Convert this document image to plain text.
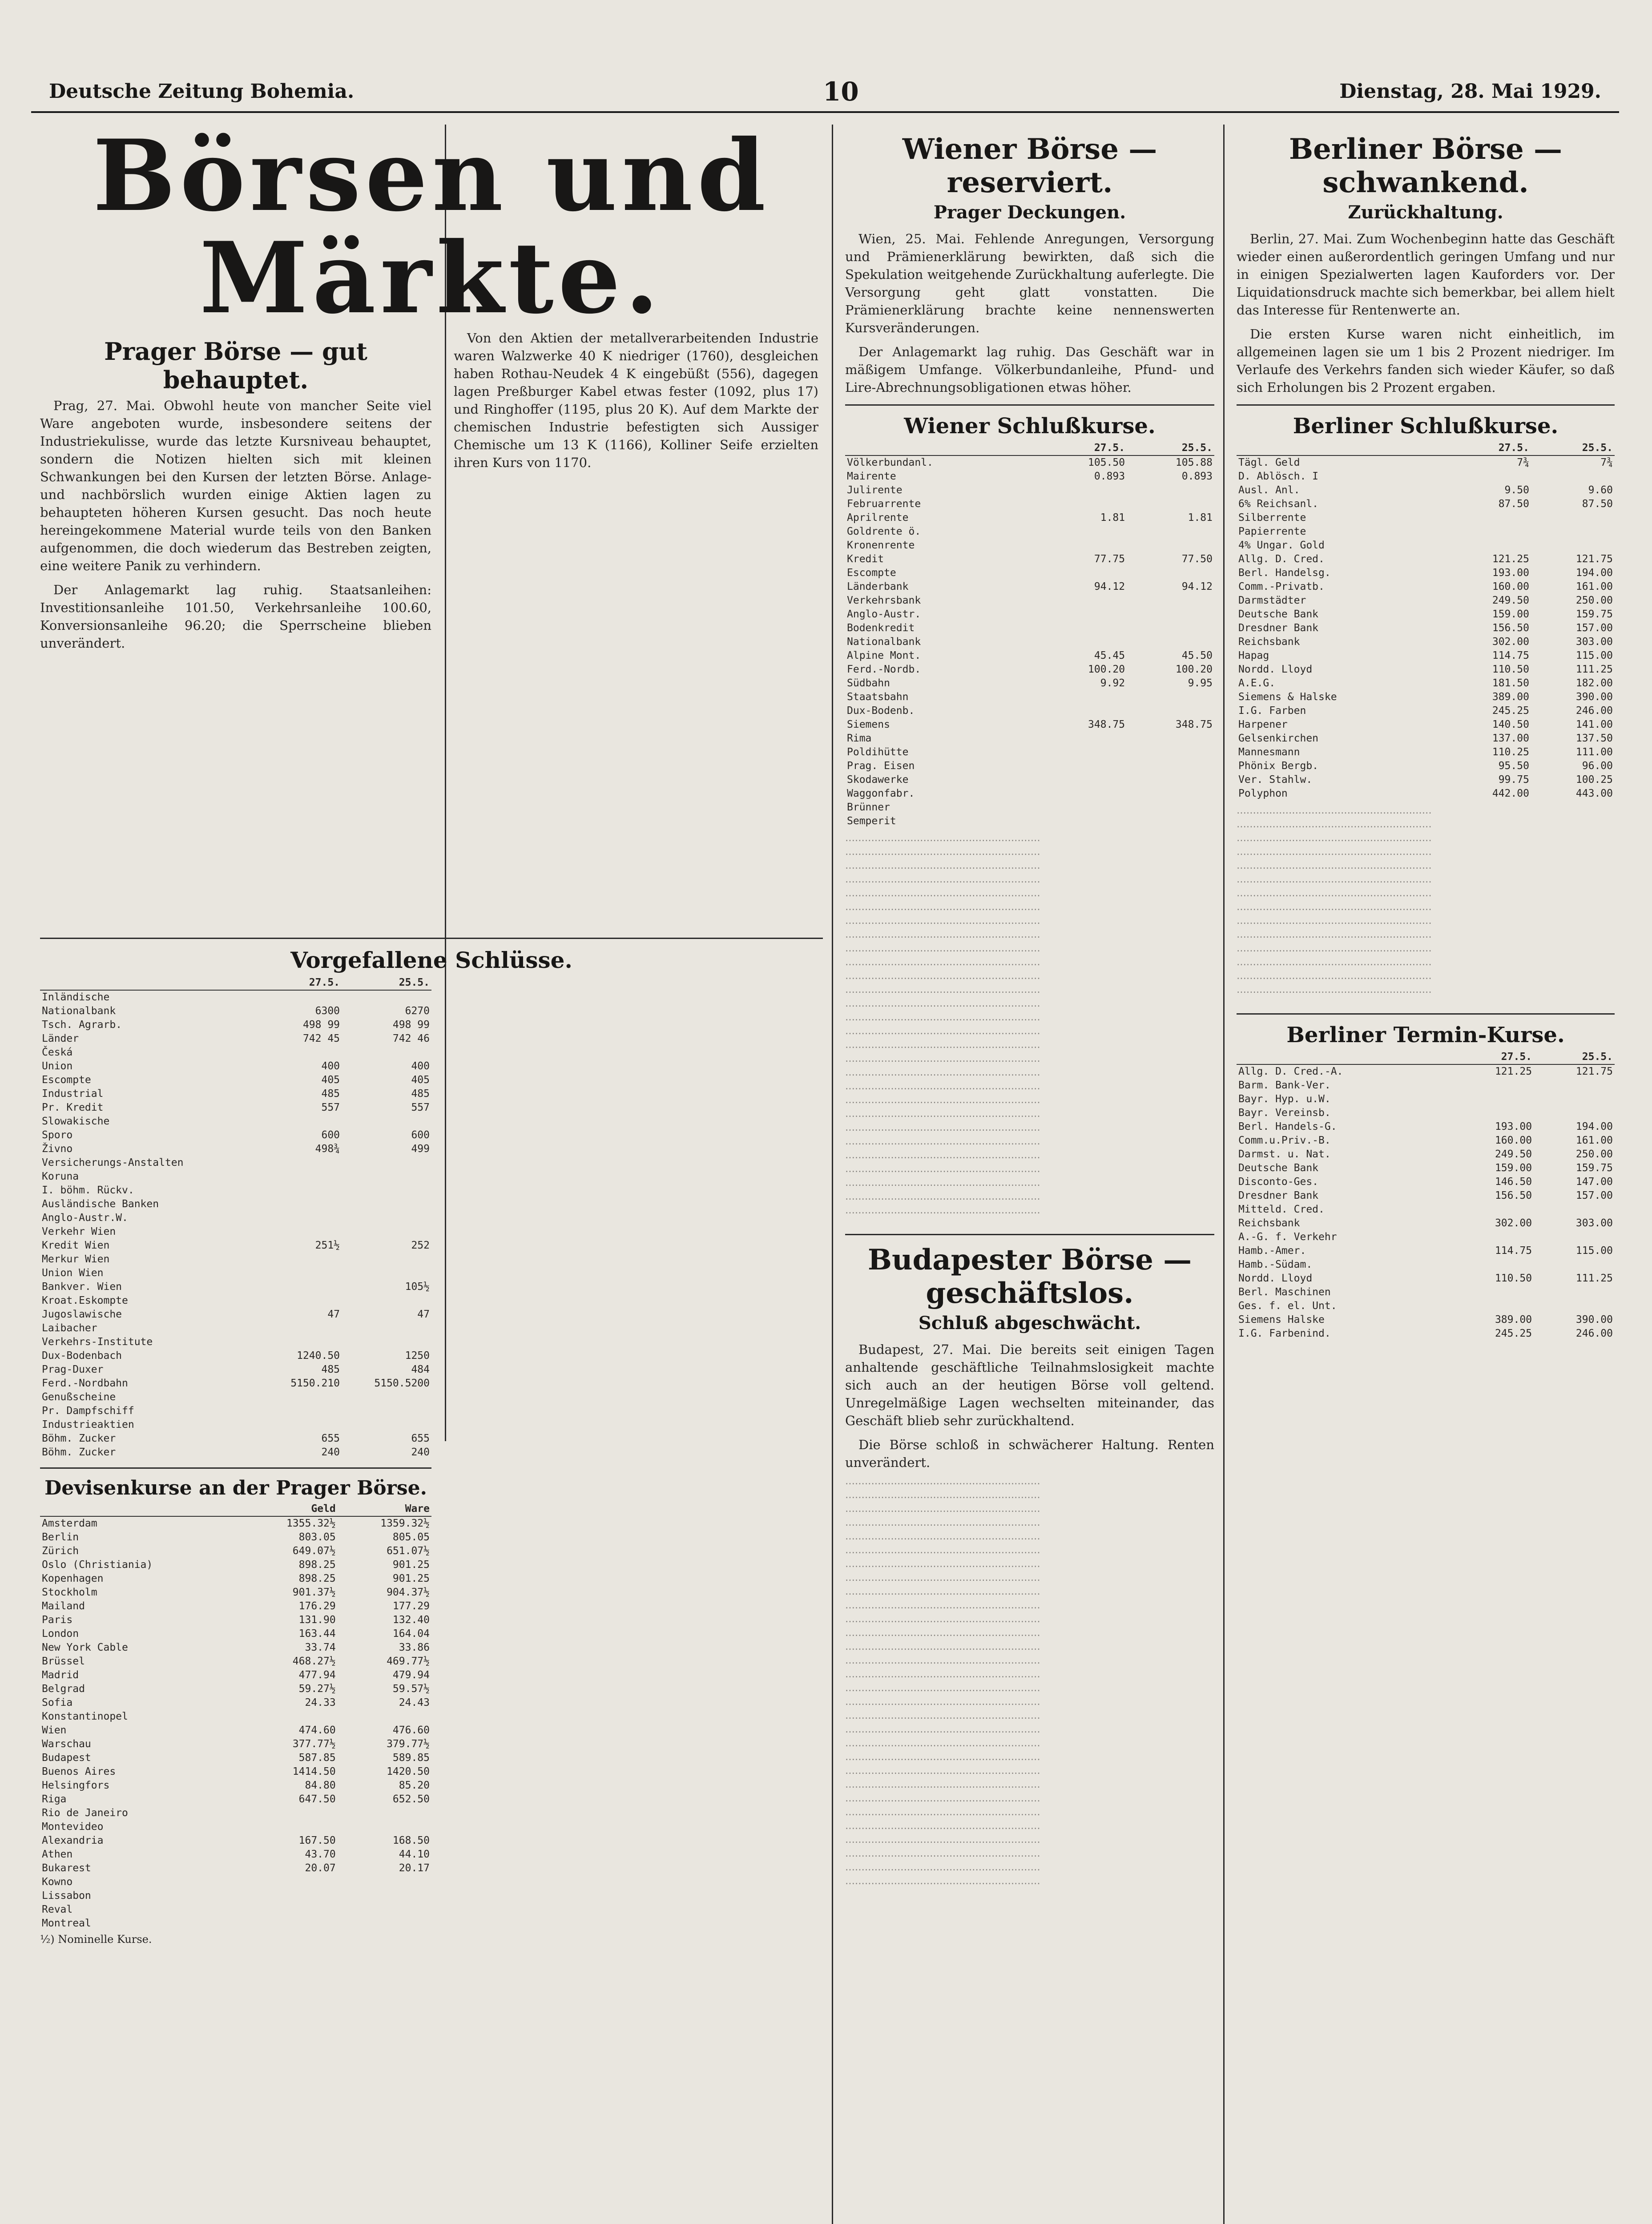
Deutsche Zeitung Bohemia.	10	Dienstag, 28. Mai 1929.
Börsen und Märkte.
Prager Börse — gut behauptet.

Prag, 27. Mai. Obwohl heute von mancher Seite viel Ware angeboten wurde, insbesondere seitens der Industriekulisse, wurde das letzte Kursniveau behauptet, sondern die Notizen hielten sich mit kleinen Schwankungen bei den Kursen der letzten Börse. Anlage- und nachbörslich wurden einige Aktien lagen zu behaupteten höheren Kursen gesucht. Das noch heute hereingekommene Material wurde teils von den Banken aufgenommen, die doch wiederum das Bestreben zeigten, eine weitere Panik zu verhindern.

Der Anlagemarkt lag ruhig. Staatsanleihen: Investitionsanleihe 101.50, Verkehrsanleihe 100.60, Konversionsanleihe 96.20; die Sperrscheine blieben unverändert.

Von den Aktien der metallverarbeitenden Industrie waren Walzwerke 40 K niedriger (1760), desgleichen haben Rothau-Neudek 4 K eingebüßt (556), dagegen lagen Preßburger Kabel etwas fester (1092, plus 17) und Ringhoffer (1195, plus 20 K). Auf dem Markte der chemischen Industrie befestigten sich Aussiger Chemische um 13 K (1166), Kolliner Seife erzielten ihren Kurs von 1170.

Vorgefallene Schlüsse.
	27.5.	25.5.
Inländische		
Nationalbank	6300	6270
Tsch. Agrarb.	498 99	498 99
Länder	742 45	742 46
Česká		
Union	400	400
Escompte	405	405
Industrial	485	485
Pr. Kredit	557	557
Slowakische		
Sporo	600	600
Živno	498¾	499
Versicherungs-Anstalten		
Koruna		
I. böhm. Rückv.		
Ausländische Banken		
Anglo-Austr.W.		
Verkehr Wien		
Kredit Wien	251½	252
Merkur Wien		
Union Wien		
Bankver. Wien		105½
Kroat.Eskompte		
Jugoslawische	47	47
Laibacher		
Verkehrs-Institute		
Dux-Bodenbach	1240.50	1250
Prag-Duxer	485	484
Ferd.-Nordbahn	5150.210	5150.5200
Genußscheine		
Pr. Dampfschiff		
Industrieaktien		
Böhm. Zucker	655	655
Böhm. Zucker	240	240
Devisenkurse an der Prager Börse.
	Geld	Ware
Amsterdam	1355.32½	1359.32½
Berlin	803.05	805.05
Zürich	649.07½	651.07½
Oslo (Christiania)	898.25	901.25
Kopenhagen	898.25	901.25
Stockholm	901.37½	904.37½
Mailand	176.29	177.29
Paris	131.90	132.40
London	163.44	164.04
New York Cable	33.74	33.86
Brüssel	468.27½	469.77½
Madrid	477.94	479.94
Belgrad	59.27½	59.57½
Sofia	24.33	24.43
Konstantinopel		
Wien	474.60	476.60
Warschau	377.77½	379.77½
Budapest	587.85	589.85
Buenos Aires	1414.50	1420.50
Helsingfors	84.80	85.20
Riga	647.50	652.50
Rio de Janeiro		
Montevideo		
Alexandria	167.50	168.50
Athen	43.70	44.10
Bukarest	20.07	20.17
Kowno		
Lissabon		
Reval		
Montreal		
½) Nominelle Kurse.
Wiener Börse — reserviert.
Prager Deckungen.

Wien, 25. Mai. Fehlende Anregungen, Versorgung und Prämienerklärung bewirkten, daß sich die Spekulation weitgehende Zurückhaltung auferlegte. Die Versorgung geht glatt vonstatten. Die Prämienerklärung brachte keine nennenswerten Kursveränderungen.

Der Anlagemarkt lag ruhig. Das Geschäft war in mäßigem Umfange. Völkerbundanleihe, Pfund- und Lire-Abrechnungsobligationen etwas höher.

Wiener Schlußkurse.
	27.5.	25.5.
Völkerbundanl.	105.50	105.88
Mairente	0.893	0.893
Julirente		
Februarrente		
Aprilrente	1.81	1.81
Goldrente ö.		
Kronenrente		
Kredit	77.75	77.50
Escompte		
Länderbank	94.12	94.12
Verkehrsbank		
Anglo-Austr.		
Bodenkredit		
Nationalbank		
Alpine Mont.	45.45	45.50
Ferd.-Nordb.	100.20	100.20
Südbahn	9.92	9.95
Staatsbahn		
Dux-Bodenb.		
Siemens	348.75	348.75
Rima		
Poldihütte		
Prag. Eisen		
Skodawerke		
Waggonfabr.		
Brünner		
Semperit		
‧‧‧‧‧‧‧‧‧‧‧‧‧‧‧‧‧‧‧‧‧‧‧‧‧‧‧‧‧‧‧‧‧‧‧‧‧‧‧‧‧‧‧‧‧‧‧‧‧‧‧‧‧‧‧‧‧‧‧‧
‧‧‧‧‧‧‧‧‧‧‧‧‧‧‧‧‧‧‧‧‧‧‧‧‧‧‧‧‧‧‧‧‧‧‧‧‧‧‧‧‧‧‧‧‧‧‧‧‧‧‧‧‧‧‧‧‧‧‧‧
‧‧‧‧‧‧‧‧‧‧‧‧‧‧‧‧‧‧‧‧‧‧‧‧‧‧‧‧‧‧‧‧‧‧‧‧‧‧‧‧‧‧‧‧‧‧‧‧‧‧‧‧‧‧‧‧‧‧‧‧
‧‧‧‧‧‧‧‧‧‧‧‧‧‧‧‧‧‧‧‧‧‧‧‧‧‧‧‧‧‧‧‧‧‧‧‧‧‧‧‧‧‧‧‧‧‧‧‧‧‧‧‧‧‧‧‧‧‧‧‧
‧‧‧‧‧‧‧‧‧‧‧‧‧‧‧‧‧‧‧‧‧‧‧‧‧‧‧‧‧‧‧‧‧‧‧‧‧‧‧‧‧‧‧‧‧‧‧‧‧‧‧‧‧‧‧‧‧‧‧‧
‧‧‧‧‧‧‧‧‧‧‧‧‧‧‧‧‧‧‧‧‧‧‧‧‧‧‧‧‧‧‧‧‧‧‧‧‧‧‧‧‧‧‧‧‧‧‧‧‧‧‧‧‧‧‧‧‧‧‧‧
‧‧‧‧‧‧‧‧‧‧‧‧‧‧‧‧‧‧‧‧‧‧‧‧‧‧‧‧‧‧‧‧‧‧‧‧‧‧‧‧‧‧‧‧‧‧‧‧‧‧‧‧‧‧‧‧‧‧‧‧
‧‧‧‧‧‧‧‧‧‧‧‧‧‧‧‧‧‧‧‧‧‧‧‧‧‧‧‧‧‧‧‧‧‧‧‧‧‧‧‧‧‧‧‧‧‧‧‧‧‧‧‧‧‧‧‧‧‧‧‧
‧‧‧‧‧‧‧‧‧‧‧‧‧‧‧‧‧‧‧‧‧‧‧‧‧‧‧‧‧‧‧‧‧‧‧‧‧‧‧‧‧‧‧‧‧‧‧‧‧‧‧‧‧‧‧‧‧‧‧‧
‧‧‧‧‧‧‧‧‧‧‧‧‧‧‧‧‧‧‧‧‧‧‧‧‧‧‧‧‧‧‧‧‧‧‧‧‧‧‧‧‧‧‧‧‧‧‧‧‧‧‧‧‧‧‧‧‧‧‧‧
‧‧‧‧‧‧‧‧‧‧‧‧‧‧‧‧‧‧‧‧‧‧‧‧‧‧‧‧‧‧‧‧‧‧‧‧‧‧‧‧‧‧‧‧‧‧‧‧‧‧‧‧‧‧‧‧‧‧‧‧
‧‧‧‧‧‧‧‧‧‧‧‧‧‧‧‧‧‧‧‧‧‧‧‧‧‧‧‧‧‧‧‧‧‧‧‧‧‧‧‧‧‧‧‧‧‧‧‧‧‧‧‧‧‧‧‧‧‧‧‧
‧‧‧‧‧‧‧‧‧‧‧‧‧‧‧‧‧‧‧‧‧‧‧‧‧‧‧‧‧‧‧‧‧‧‧‧‧‧‧‧‧‧‧‧‧‧‧‧‧‧‧‧‧‧‧‧‧‧‧‧
‧‧‧‧‧‧‧‧‧‧‧‧‧‧‧‧‧‧‧‧‧‧‧‧‧‧‧‧‧‧‧‧‧‧‧‧‧‧‧‧‧‧‧‧‧‧‧‧‧‧‧‧‧‧‧‧‧‧‧‧
‧‧‧‧‧‧‧‧‧‧‧‧‧‧‧‧‧‧‧‧‧‧‧‧‧‧‧‧‧‧‧‧‧‧‧‧‧‧‧‧‧‧‧‧‧‧‧‧‧‧‧‧‧‧‧‧‧‧‧‧
‧‧‧‧‧‧‧‧‧‧‧‧‧‧‧‧‧‧‧‧‧‧‧‧‧‧‧‧‧‧‧‧‧‧‧‧‧‧‧‧‧‧‧‧‧‧‧‧‧‧‧‧‧‧‧‧‧‧‧‧
‧‧‧‧‧‧‧‧‧‧‧‧‧‧‧‧‧‧‧‧‧‧‧‧‧‧‧‧‧‧‧‧‧‧‧‧‧‧‧‧‧‧‧‧‧‧‧‧‧‧‧‧‧‧‧‧‧‧‧‧
‧‧‧‧‧‧‧‧‧‧‧‧‧‧‧‧‧‧‧‧‧‧‧‧‧‧‧‧‧‧‧‧‧‧‧‧‧‧‧‧‧‧‧‧‧‧‧‧‧‧‧‧‧‧‧‧‧‧‧‧
‧‧‧‧‧‧‧‧‧‧‧‧‧‧‧‧‧‧‧‧‧‧‧‧‧‧‧‧‧‧‧‧‧‧‧‧‧‧‧‧‧‧‧‧‧‧‧‧‧‧‧‧‧‧‧‧‧‧‧‧
‧‧‧‧‧‧‧‧‧‧‧‧‧‧‧‧‧‧‧‧‧‧‧‧‧‧‧‧‧‧‧‧‧‧‧‧‧‧‧‧‧‧‧‧‧‧‧‧‧‧‧‧‧‧‧‧‧‧‧‧
‧‧‧‧‧‧‧‧‧‧‧‧‧‧‧‧‧‧‧‧‧‧‧‧‧‧‧‧‧‧‧‧‧‧‧‧‧‧‧‧‧‧‧‧‧‧‧‧‧‧‧‧‧‧‧‧‧‧‧‧
‧‧‧‧‧‧‧‧‧‧‧‧‧‧‧‧‧‧‧‧‧‧‧‧‧‧‧‧‧‧‧‧‧‧‧‧‧‧‧‧‧‧‧‧‧‧‧‧‧‧‧‧‧‧‧‧‧‧‧‧
‧‧‧‧‧‧‧‧‧‧‧‧‧‧‧‧‧‧‧‧‧‧‧‧‧‧‧‧‧‧‧‧‧‧‧‧‧‧‧‧‧‧‧‧‧‧‧‧‧‧‧‧‧‧‧‧‧‧‧‧
‧‧‧‧‧‧‧‧‧‧‧‧‧‧‧‧‧‧‧‧‧‧‧‧‧‧‧‧‧‧‧‧‧‧‧‧‧‧‧‧‧‧‧‧‧‧‧‧‧‧‧‧‧‧‧‧‧‧‧‧
‧‧‧‧‧‧‧‧‧‧‧‧‧‧‧‧‧‧‧‧‧‧‧‧‧‧‧‧‧‧‧‧‧‧‧‧‧‧‧‧‧‧‧‧‧‧‧‧‧‧‧‧‧‧‧‧‧‧‧‧
‧‧‧‧‧‧‧‧‧‧‧‧‧‧‧‧‧‧‧‧‧‧‧‧‧‧‧‧‧‧‧‧‧‧‧‧‧‧‧‧‧‧‧‧‧‧‧‧‧‧‧‧‧‧‧‧‧‧‧‧
‧‧‧‧‧‧‧‧‧‧‧‧‧‧‧‧‧‧‧‧‧‧‧‧‧‧‧‧‧‧‧‧‧‧‧‧‧‧‧‧‧‧‧‧‧‧‧‧‧‧‧‧‧‧‧‧‧‧‧‧
‧‧‧‧‧‧‧‧‧‧‧‧‧‧‧‧‧‧‧‧‧‧‧‧‧‧‧‧‧‧‧‧‧‧‧‧‧‧‧‧‧‧‧‧‧‧‧‧‧‧‧‧‧‧‧‧‧‧‧‧
Budapester Börse — geschäftslos.
Schluß abgeschwächt.

Budapest, 27. Mai. Die bereits seit einigen Tagen anhaltende geschäftliche Teilnahmslosigkeit machte sich auch an der heutigen Börse voll geltend. Unregelmäßige Lagen wechselten miteinander, das Geschäft blieb sehr zurückhaltend.

Die Börse schloß in schwächerer Haltung. Renten unverändert.

‧‧‧‧‧‧‧‧‧‧‧‧‧‧‧‧‧‧‧‧‧‧‧‧‧‧‧‧‧‧‧‧‧‧‧‧‧‧‧‧‧‧‧‧‧‧‧‧‧‧‧‧‧‧‧‧‧‧‧‧
‧‧‧‧‧‧‧‧‧‧‧‧‧‧‧‧‧‧‧‧‧‧‧‧‧‧‧‧‧‧‧‧‧‧‧‧‧‧‧‧‧‧‧‧‧‧‧‧‧‧‧‧‧‧‧‧‧‧‧‧
‧‧‧‧‧‧‧‧‧‧‧‧‧‧‧‧‧‧‧‧‧‧‧‧‧‧‧‧‧‧‧‧‧‧‧‧‧‧‧‧‧‧‧‧‧‧‧‧‧‧‧‧‧‧‧‧‧‧‧‧
‧‧‧‧‧‧‧‧‧‧‧‧‧‧‧‧‧‧‧‧‧‧‧‧‧‧‧‧‧‧‧‧‧‧‧‧‧‧‧‧‧‧‧‧‧‧‧‧‧‧‧‧‧‧‧‧‧‧‧‧
‧‧‧‧‧‧‧‧‧‧‧‧‧‧‧‧‧‧‧‧‧‧‧‧‧‧‧‧‧‧‧‧‧‧‧‧‧‧‧‧‧‧‧‧‧‧‧‧‧‧‧‧‧‧‧‧‧‧‧‧
‧‧‧‧‧‧‧‧‧‧‧‧‧‧‧‧‧‧‧‧‧‧‧‧‧‧‧‧‧‧‧‧‧‧‧‧‧‧‧‧‧‧‧‧‧‧‧‧‧‧‧‧‧‧‧‧‧‧‧‧
‧‧‧‧‧‧‧‧‧‧‧‧‧‧‧‧‧‧‧‧‧‧‧‧‧‧‧‧‧‧‧‧‧‧‧‧‧‧‧‧‧‧‧‧‧‧‧‧‧‧‧‧‧‧‧‧‧‧‧‧
‧‧‧‧‧‧‧‧‧‧‧‧‧‧‧‧‧‧‧‧‧‧‧‧‧‧‧‧‧‧‧‧‧‧‧‧‧‧‧‧‧‧‧‧‧‧‧‧‧‧‧‧‧‧‧‧‧‧‧‧
‧‧‧‧‧‧‧‧‧‧‧‧‧‧‧‧‧‧‧‧‧‧‧‧‧‧‧‧‧‧‧‧‧‧‧‧‧‧‧‧‧‧‧‧‧‧‧‧‧‧‧‧‧‧‧‧‧‧‧‧
‧‧‧‧‧‧‧‧‧‧‧‧‧‧‧‧‧‧‧‧‧‧‧‧‧‧‧‧‧‧‧‧‧‧‧‧‧‧‧‧‧‧‧‧‧‧‧‧‧‧‧‧‧‧‧‧‧‧‧‧
‧‧‧‧‧‧‧‧‧‧‧‧‧‧‧‧‧‧‧‧‧‧‧‧‧‧‧‧‧‧‧‧‧‧‧‧‧‧‧‧‧‧‧‧‧‧‧‧‧‧‧‧‧‧‧‧‧‧‧‧
‧‧‧‧‧‧‧‧‧‧‧‧‧‧‧‧‧‧‧‧‧‧‧‧‧‧‧‧‧‧‧‧‧‧‧‧‧‧‧‧‧‧‧‧‧‧‧‧‧‧‧‧‧‧‧‧‧‧‧‧
‧‧‧‧‧‧‧‧‧‧‧‧‧‧‧‧‧‧‧‧‧‧‧‧‧‧‧‧‧‧‧‧‧‧‧‧‧‧‧‧‧‧‧‧‧‧‧‧‧‧‧‧‧‧‧‧‧‧‧‧
‧‧‧‧‧‧‧‧‧‧‧‧‧‧‧‧‧‧‧‧‧‧‧‧‧‧‧‧‧‧‧‧‧‧‧‧‧‧‧‧‧‧‧‧‧‧‧‧‧‧‧‧‧‧‧‧‧‧‧‧
‧‧‧‧‧‧‧‧‧‧‧‧‧‧‧‧‧‧‧‧‧‧‧‧‧‧‧‧‧‧‧‧‧‧‧‧‧‧‧‧‧‧‧‧‧‧‧‧‧‧‧‧‧‧‧‧‧‧‧‧
‧‧‧‧‧‧‧‧‧‧‧‧‧‧‧‧‧‧‧‧‧‧‧‧‧‧‧‧‧‧‧‧‧‧‧‧‧‧‧‧‧‧‧‧‧‧‧‧‧‧‧‧‧‧‧‧‧‧‧‧
‧‧‧‧‧‧‧‧‧‧‧‧‧‧‧‧‧‧‧‧‧‧‧‧‧‧‧‧‧‧‧‧‧‧‧‧‧‧‧‧‧‧‧‧‧‧‧‧‧‧‧‧‧‧‧‧‧‧‧‧
‧‧‧‧‧‧‧‧‧‧‧‧‧‧‧‧‧‧‧‧‧‧‧‧‧‧‧‧‧‧‧‧‧‧‧‧‧‧‧‧‧‧‧‧‧‧‧‧‧‧‧‧‧‧‧‧‧‧‧‧
‧‧‧‧‧‧‧‧‧‧‧‧‧‧‧‧‧‧‧‧‧‧‧‧‧‧‧‧‧‧‧‧‧‧‧‧‧‧‧‧‧‧‧‧‧‧‧‧‧‧‧‧‧‧‧‧‧‧‧‧
‧‧‧‧‧‧‧‧‧‧‧‧‧‧‧‧‧‧‧‧‧‧‧‧‧‧‧‧‧‧‧‧‧‧‧‧‧‧‧‧‧‧‧‧‧‧‧‧‧‧‧‧‧‧‧‧‧‧‧‧
‧‧‧‧‧‧‧‧‧‧‧‧‧‧‧‧‧‧‧‧‧‧‧‧‧‧‧‧‧‧‧‧‧‧‧‧‧‧‧‧‧‧‧‧‧‧‧‧‧‧‧‧‧‧‧‧‧‧‧‧
‧‧‧‧‧‧‧‧‧‧‧‧‧‧‧‧‧‧‧‧‧‧‧‧‧‧‧‧‧‧‧‧‧‧‧‧‧‧‧‧‧‧‧‧‧‧‧‧‧‧‧‧‧‧‧‧‧‧‧‧
‧‧‧‧‧‧‧‧‧‧‧‧‧‧‧‧‧‧‧‧‧‧‧‧‧‧‧‧‧‧‧‧‧‧‧‧‧‧‧‧‧‧‧‧‧‧‧‧‧‧‧‧‧‧‧‧‧‧‧‧
‧‧‧‧‧‧‧‧‧‧‧‧‧‧‧‧‧‧‧‧‧‧‧‧‧‧‧‧‧‧‧‧‧‧‧‧‧‧‧‧‧‧‧‧‧‧‧‧‧‧‧‧‧‧‧‧‧‧‧‧
‧‧‧‧‧‧‧‧‧‧‧‧‧‧‧‧‧‧‧‧‧‧‧‧‧‧‧‧‧‧‧‧‧‧‧‧‧‧‧‧‧‧‧‧‧‧‧‧‧‧‧‧‧‧‧‧‧‧‧‧
‧‧‧‧‧‧‧‧‧‧‧‧‧‧‧‧‧‧‧‧‧‧‧‧‧‧‧‧‧‧‧‧‧‧‧‧‧‧‧‧‧‧‧‧‧‧‧‧‧‧‧‧‧‧‧‧‧‧‧‧
‧‧‧‧‧‧‧‧‧‧‧‧‧‧‧‧‧‧‧‧‧‧‧‧‧‧‧‧‧‧‧‧‧‧‧‧‧‧‧‧‧‧‧‧‧‧‧‧‧‧‧‧‧‧‧‧‧‧‧‧
‧‧‧‧‧‧‧‧‧‧‧‧‧‧‧‧‧‧‧‧‧‧‧‧‧‧‧‧‧‧‧‧‧‧‧‧‧‧‧‧‧‧‧‧‧‧‧‧‧‧‧‧‧‧‧‧‧‧‧‧
‧‧‧‧‧‧‧‧‧‧‧‧‧‧‧‧‧‧‧‧‧‧‧‧‧‧‧‧‧‧‧‧‧‧‧‧‧‧‧‧‧‧‧‧‧‧‧‧‧‧‧‧‧‧‧‧‧‧‧‧
‧‧‧‧‧‧‧‧‧‧‧‧‧‧‧‧‧‧‧‧‧‧‧‧‧‧‧‧‧‧‧‧‧‧‧‧‧‧‧‧‧‧‧‧‧‧‧‧‧‧‧‧‧‧‧‧‧‧‧‧
Berliner Börse — schwankend.
Zurückhaltung.

Berlin, 27. Mai. Zum Wochenbeginn hatte das Geschäft wieder einen außerordentlich geringen Umfang und nur in einigen Spezialwerten lagen Kauforders vor. Der Liquidationsdruck machte sich bemerkbar, bei allem hielt das Interesse für Rentenwerte an.

Die ersten Kurse waren nicht einheitlich, im allgemeinen lagen sie um 1 bis 2 Prozent niedriger. Im Verlaufe des Verkehrs fanden sich wieder Käufer, so daß sich Erholungen bis 2 Prozent ergaben.

Berliner Schlußkurse.
	27.5.	25.5.
Tägl. Geld	7¾	7¾
D. Ablösch. I		
Ausl. Anl.	9.50	9.60
6% Reichsanl.	87.50	87.50
Silberrente		
Papierrente		
4% Ungar. Gold		
Allg. D. Cred.	121.25	121.75
Berl. Handelsg.	193.00	194.00
Comm.-Privatb.	160.00	161.00
Darmstädter	249.50	250.00
Deutsche Bank	159.00	159.75
Dresdner Bank	156.50	157.00
Reichsbank	302.00	303.00
Hapag	114.75	115.00
Nordd. Lloyd	110.50	111.25
A.E.G.	181.50	182.00
Siemens & Halske	389.00	390.00
I.G. Farben	245.25	246.00
Harpener	140.50	141.00
Gelsenkirchen	137.00	137.50
Mannesmann	110.25	111.00
Phönix Bergb.	95.50	96.00
Ver. Stahlw.	99.75	100.25
Polyphon	442.00	443.00
‧‧‧‧‧‧‧‧‧‧‧‧‧‧‧‧‧‧‧‧‧‧‧‧‧‧‧‧‧‧‧‧‧‧‧‧‧‧‧‧‧‧‧‧‧‧‧‧‧‧‧‧‧‧‧‧‧‧‧‧
‧‧‧‧‧‧‧‧‧‧‧‧‧‧‧‧‧‧‧‧‧‧‧‧‧‧‧‧‧‧‧‧‧‧‧‧‧‧‧‧‧‧‧‧‧‧‧‧‧‧‧‧‧‧‧‧‧‧‧‧
‧‧‧‧‧‧‧‧‧‧‧‧‧‧‧‧‧‧‧‧‧‧‧‧‧‧‧‧‧‧‧‧‧‧‧‧‧‧‧‧‧‧‧‧‧‧‧‧‧‧‧‧‧‧‧‧‧‧‧‧
‧‧‧‧‧‧‧‧‧‧‧‧‧‧‧‧‧‧‧‧‧‧‧‧‧‧‧‧‧‧‧‧‧‧‧‧‧‧‧‧‧‧‧‧‧‧‧‧‧‧‧‧‧‧‧‧‧‧‧‧
‧‧‧‧‧‧‧‧‧‧‧‧‧‧‧‧‧‧‧‧‧‧‧‧‧‧‧‧‧‧‧‧‧‧‧‧‧‧‧‧‧‧‧‧‧‧‧‧‧‧‧‧‧‧‧‧‧‧‧‧
‧‧‧‧‧‧‧‧‧‧‧‧‧‧‧‧‧‧‧‧‧‧‧‧‧‧‧‧‧‧‧‧‧‧‧‧‧‧‧‧‧‧‧‧‧‧‧‧‧‧‧‧‧‧‧‧‧‧‧‧
‧‧‧‧‧‧‧‧‧‧‧‧‧‧‧‧‧‧‧‧‧‧‧‧‧‧‧‧‧‧‧‧‧‧‧‧‧‧‧‧‧‧‧‧‧‧‧‧‧‧‧‧‧‧‧‧‧‧‧‧
‧‧‧‧‧‧‧‧‧‧‧‧‧‧‧‧‧‧‧‧‧‧‧‧‧‧‧‧‧‧‧‧‧‧‧‧‧‧‧‧‧‧‧‧‧‧‧‧‧‧‧‧‧‧‧‧‧‧‧‧
‧‧‧‧‧‧‧‧‧‧‧‧‧‧‧‧‧‧‧‧‧‧‧‧‧‧‧‧‧‧‧‧‧‧‧‧‧‧‧‧‧‧‧‧‧‧‧‧‧‧‧‧‧‧‧‧‧‧‧‧
‧‧‧‧‧‧‧‧‧‧‧‧‧‧‧‧‧‧‧‧‧‧‧‧‧‧‧‧‧‧‧‧‧‧‧‧‧‧‧‧‧‧‧‧‧‧‧‧‧‧‧‧‧‧‧‧‧‧‧‧
‧‧‧‧‧‧‧‧‧‧‧‧‧‧‧‧‧‧‧‧‧‧‧‧‧‧‧‧‧‧‧‧‧‧‧‧‧‧‧‧‧‧‧‧‧‧‧‧‧‧‧‧‧‧‧‧‧‧‧‧
‧‧‧‧‧‧‧‧‧‧‧‧‧‧‧‧‧‧‧‧‧‧‧‧‧‧‧‧‧‧‧‧‧‧‧‧‧‧‧‧‧‧‧‧‧‧‧‧‧‧‧‧‧‧‧‧‧‧‧‧
‧‧‧‧‧‧‧‧‧‧‧‧‧‧‧‧‧‧‧‧‧‧‧‧‧‧‧‧‧‧‧‧‧‧‧‧‧‧‧‧‧‧‧‧‧‧‧‧‧‧‧‧‧‧‧‧‧‧‧‧
‧‧‧‧‧‧‧‧‧‧‧‧‧‧‧‧‧‧‧‧‧‧‧‧‧‧‧‧‧‧‧‧‧‧‧‧‧‧‧‧‧‧‧‧‧‧‧‧‧‧‧‧‧‧‧‧‧‧‧‧
Berliner Termin-Kurse.
	27.5.	25.5.
Allg. D. Cred.-A.	121.25	121.75
Barm. Bank-Ver.		
Bayr. Hyp. u.W.		
Bayr. Vereinsb.		
Berl. Handels-G.	193.00	194.00
Comm.u.Priv.-B.	160.00	161.00
Darmst. u. Nat.	249.50	250.00
Deutsche Bank	159.00	159.75
Disconto-Ges.	146.50	147.00
Dresdner Bank	156.50	157.00
Mitteld. Cred.		
Reichsbank	302.00	303.00
A.-G. f. Verkehr		
Hamb.-Amer.	114.75	115.00
Hamb.-Südam.		
Nordd. Lloyd	110.50	111.25
Berl. Maschinen		
Ges. f. el. Unt.		
Siemens Halske	389.00	390.00
I.G. Farbenind.	245.25	246.00
